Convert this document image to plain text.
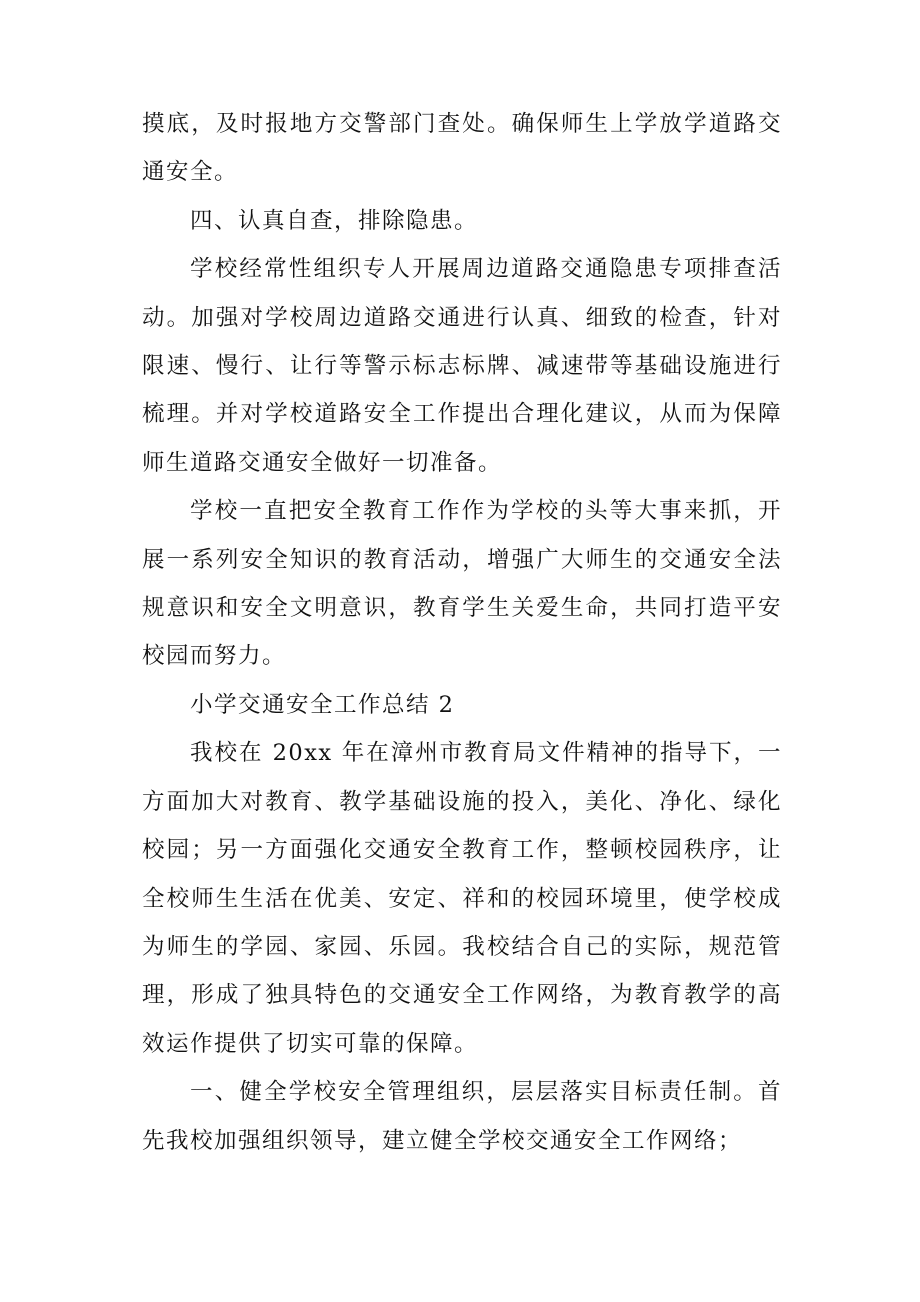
摸底，及时报地方交警部门查处。确保师生上学放学道路交通安全。

四、认真自查，排除隐患。

学校经常性组织专人开展周边道路交通隐患专项排查活动。加强对学校周边道路交通进行认真、细致的检查，针对限速、慢行、让行等警示标志标牌、减速带等基础设施进行梳理。并对学校道路安全工作提出合理化建议，从而为保障师生道路交通安全做好一切准备。

学校一直把安全教育工作作为学校的头等大事来抓，开展一系列安全知识的教育活动，增强广大师生的交通安全法规意识和安全文明意识，教育学生关爱生命，共同打造平安校园而努力。

小学交通安全工作总结 2

我校在 20xx 年在漳州市教育局文件精神的指导下，一方面加大对教育、教学基础设施的投入，美化、净化、绿化校园；另一方面强化交通安全教育工作，整顿校园秩序，让全校师生生活在优美、安定、祥和的校园环境里，使学校成为师生的学园、家园、乐园。我校结合自己的实际，规范管理，形成了独具特色的交通安全工作网络，为教育教学的高效运作提供了切实可靠的保障。

一、健全学校安全管理组织，层层落实目标责任制。首先我校加强组织领导，建立健全学校交通安全工作网络；
